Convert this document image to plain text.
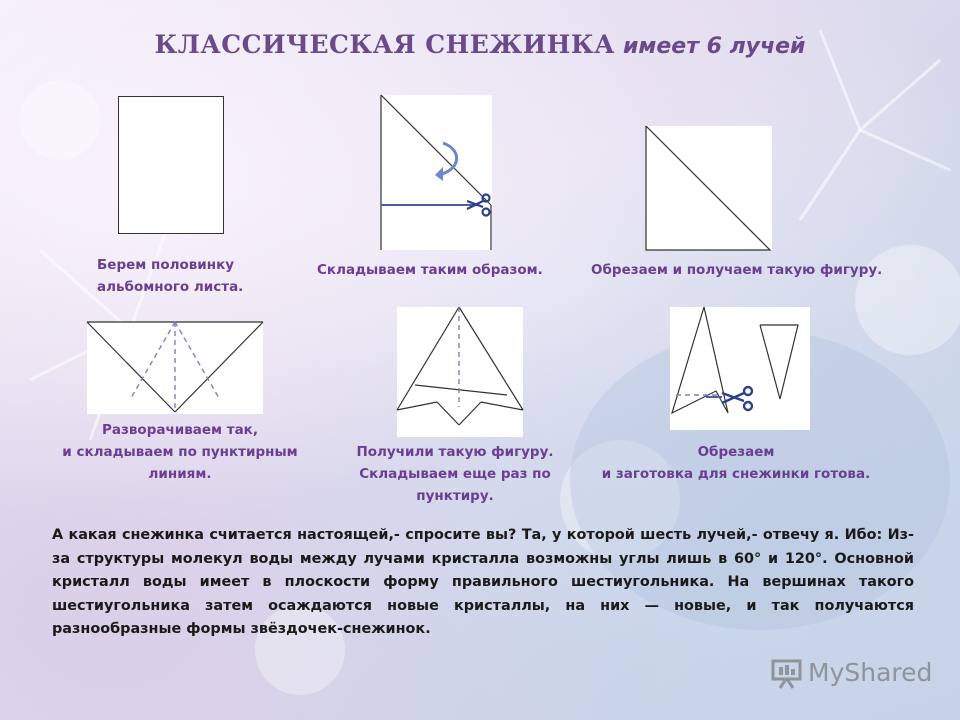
КЛАССИЧЕСКАЯ СНЕЖИНКА имеет 6 лучей
Берем половинку
альбомного листа.
Складываем таким образом.	Обрезаем и получаем такую фигуру.
Разворачиваем так,
и складываем по пунктирным
линиям.
Получили такую фигуру.
Складываем еще раз по
пунктиру.
Обрезаем
и заготовка для снежинки готова.
А какая снежинка считается настоящей,- спросите вы? Та, у которой шесть лучей,- отвечу я. Ибо: Из-за структуры молекул воды между лучами кристалла возможны углы лишь в 60° и 120°. Основной кристалл воды имеет в плоскости форму правильного шестиугольника. На вершинах такого шестиугольника затем осаждаются новые кристаллы, на них — новые, и так получаются разнообразные формы звёздочек-снежинок.
MyShared
